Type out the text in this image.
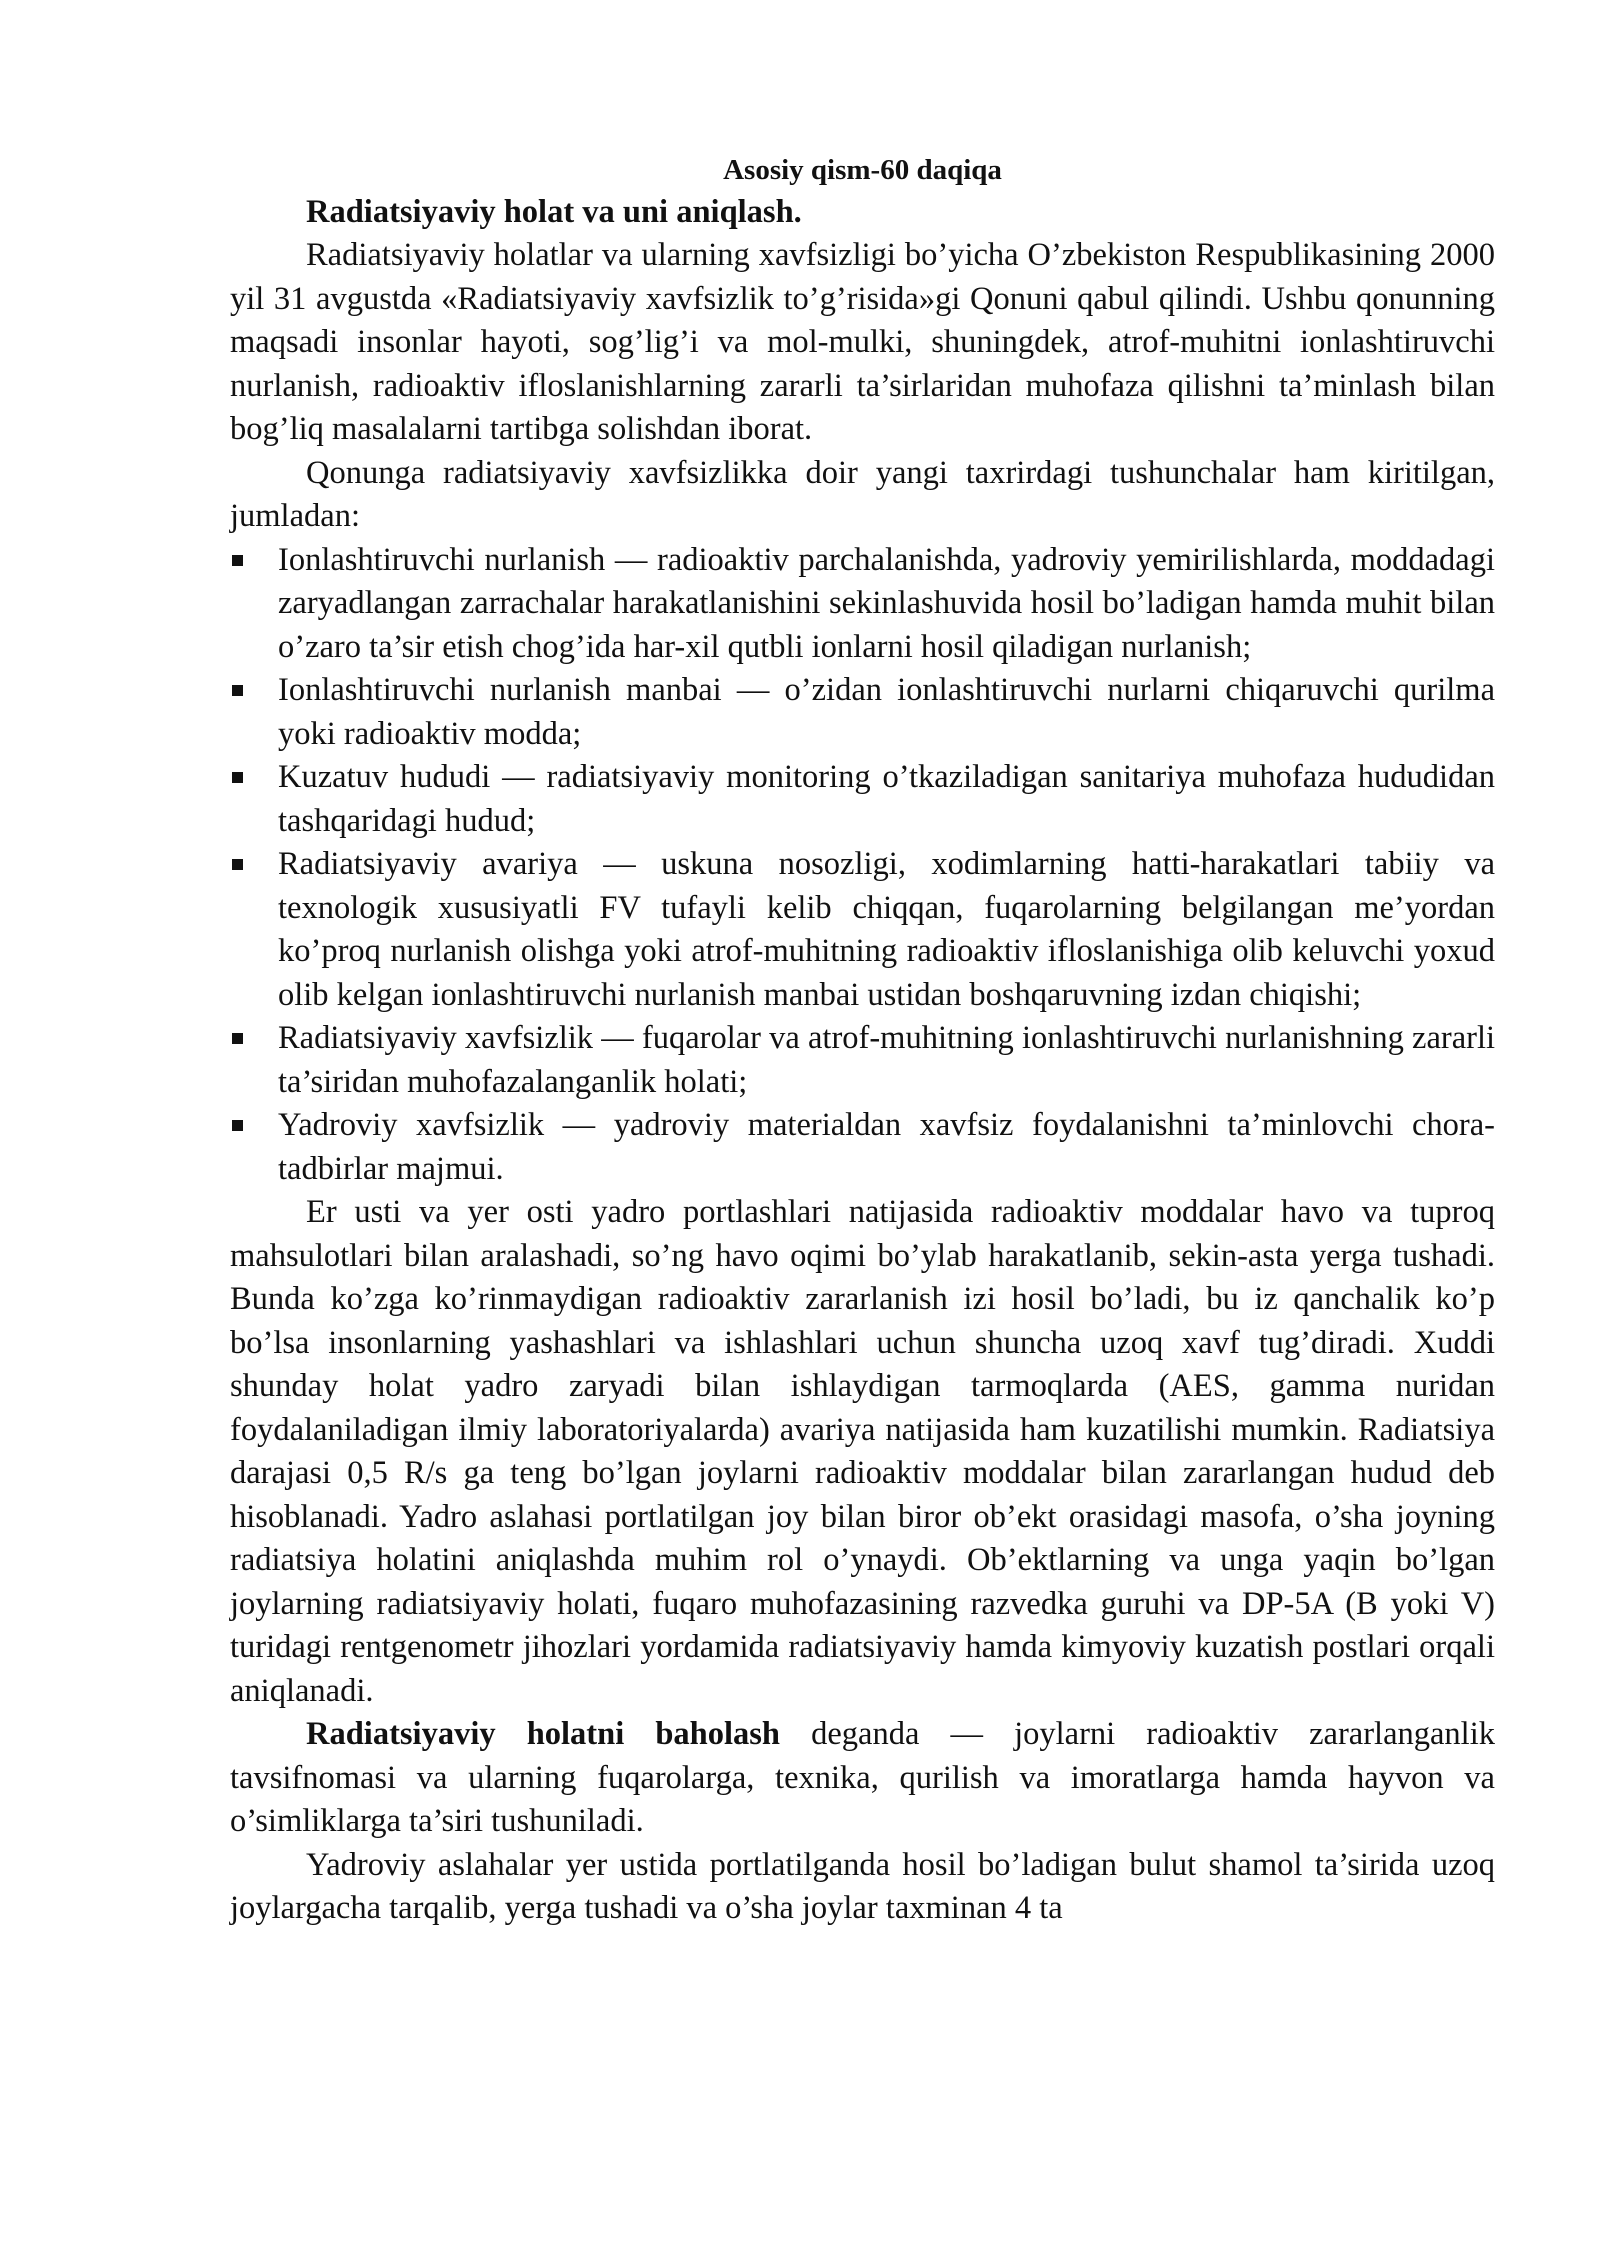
Asosiy qism-60 daqiqa
Radiatsiyaviy holat va uni aniqlash.

Radiatsiyaviy holatlar va ularning xavfsizligi bo’yicha O’zbekiston Respublikasining 2000 yil 31 avgustda «Radiatsiyaviy xavfsizlik to’g’risida»gi Qonuni qabul qilindi. Ushbu qonunning maqsadi insonlar hayoti, sog’lig’i va mol-mulki, shuningdek, atrof-muhitni ionlashtiruvchi nurlanish, radioaktiv ifloslanishlarning zararli ta’sirlaridan muhofaza qilishni ta’minlash bilan bog’liq masalalarni tartibga solishdan iborat.

Qonunga radiatsiyaviy xavfsizlikka doir yangi taxrirdagi tushunchalar ham kiritilgan, jumladan:

Ionlashtiruvchi nurlanish — radioaktiv parchalanishda, yadroviy yemirilishlarda, moddadagi zaryadlangan zarrachalar harakatlanishini sekinlashuvida hosil bo’ladigan hamda muhit bilan o’zaro ta’sir etish chog’ida har-xil qutbli ionlarni hosil qiladigan nurlanish;
Ionlashtiruvchi nurlanish manbai — o’zidan ionlashtiruvchi nurlarni chiqaruvchi qurilma yoki radioaktiv modda;
Kuzatuv hududi — radiatsiyaviy monitoring o’tkaziladigan sanitariya muhofaza hududidan tashqaridagi hudud;
Radiatsiyaviy avariya — uskuna nosozligi, xodimlarning hatti-harakatlari tabiiy va texnologik xususiyatli FV tufayli kelib chiqqan, fuqarolarning belgilangan me’yordan ko’proq nurlanish olishga yoki atrof-muhitning radioaktiv ifloslanishiga olib keluvchi yoxud olib kelgan ionlashtiruvchi nurlanish manbai ustidan boshqaruvning izdan chiqishi;
Radiatsiyaviy xavfsizlik — fuqarolar va atrof-muhitning ionlashtiruvchi nurlanishning zararli ta’siridan muhofazalanganlik holati;
Yadroviy xavfsizlik — yadroviy materialdan xavfsiz foydalanishni ta’minlovchi chora-tadbirlar majmui.

Er usti va yer osti yadro portlashlari natijasida radioaktiv moddalar havo va tuproq mahsulotlari bilan aralashadi, so’ng havo oqimi bo’ylab harakatlanib, sekin-asta yerga tushadi. Bunda ko’zga ko’rinmaydigan radioaktiv zararlanish izi hosil bo’ladi, bu iz qanchalik ko’p bo’lsa insonlarning yashashlari va ishlashlari uchun shuncha uzoq xavf tug’diradi. Xuddi shunday holat yadro zaryadi bilan ishlaydigan tarmoqlarda (AES, gamma nuridan foydalaniladigan ilmiy laboratoriyalarda) avariya natijasida ham kuzatilishi mumkin. Radiatsiya darajasi 0,5 R/s ga teng bo’lgan joylarni radioaktiv moddalar bilan zararlangan hudud deb hisoblanadi. Yadro aslahasi portlatilgan joy bilan biror ob’ekt orasidagi masofa, o’sha joyning radiatsiya holatini aniqlashda muhim rol o’ynaydi. Ob’ektlarning va unga yaqin bo’lgan joylarning radiatsiyaviy holati, fuqaro muhofazasining razvedka guruhi va DP-5A (B yoki V) turidagi rentgenometr jihozlari yordamida radiatsiyaviy hamda kimyoviy kuzatish postlari orqali aniqlanadi.

Radiatsiyaviy holatni baholash deganda — joylarni radioaktiv zararlanganlik tavsifnomasi va ularning fuqarolarga, texnika, qurilish va imoratlarga hamda hayvon va o’simliklarga ta’siri tushuniladi.

Yadroviy aslahalar yer ustida portlatilganda hosil bo’ladigan bulut shamol ta’sirida uzoq joylargacha tarqalib, yerga tushadi va o’sha joylar taxminan 4 ta
